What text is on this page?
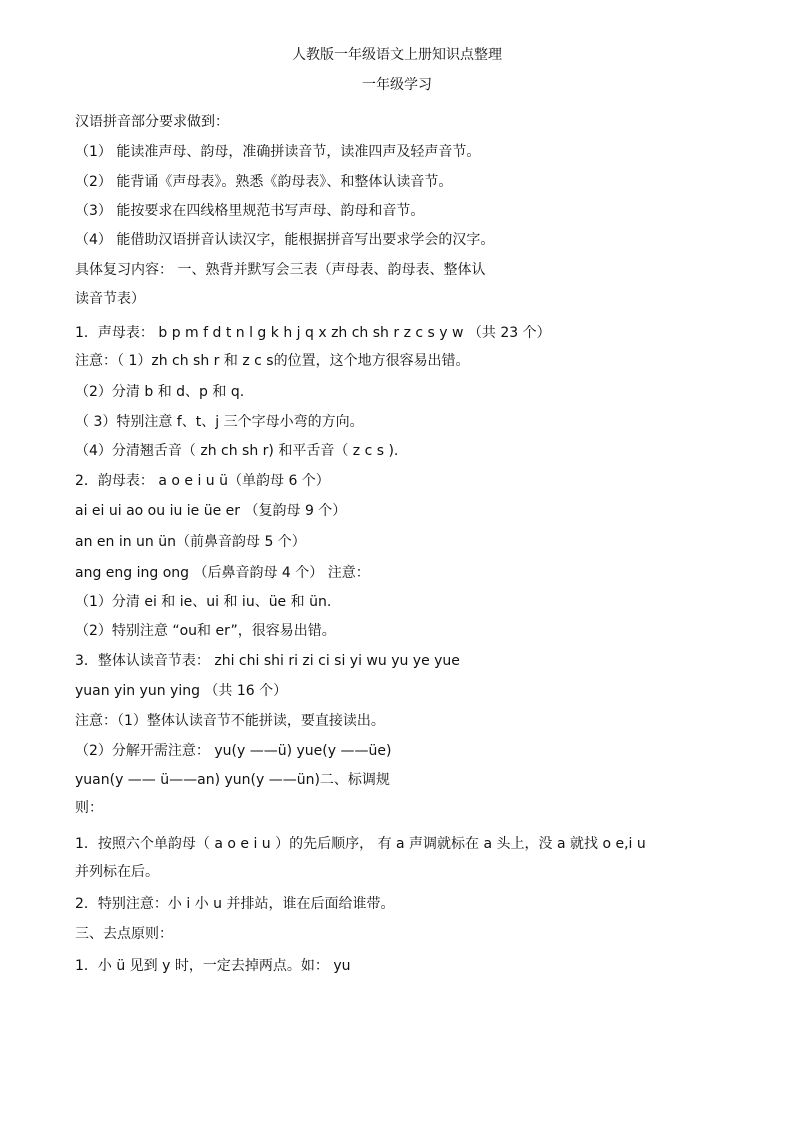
人教版一年级语文上册知识点整理
一年级学习
汉语拼音部分要求做到：
（1） 能读准声母、韵母，准确拼读音节，读准四声及轻声音节。
（2） 能背诵《声母表》。熟悉《韵母表》、和整体认读音节。
（3） 能按要求在四线格里规范书写声母、韵母和音节。
（4） 能借助汉语拼音认读汉字，能根据拼音写出要求学会的汉字。
具体复习内容： 一、熟背并默写会三表（声母表、韵母表、整体认
读音节表）
1．声母表： b p m f d t n l g k h j q x zh ch sh r z c s y w （共 23 个）
注意：（ 1）zh ch sh r 和 z c s的位置，这个地方很容易出错。
（2）分清 b 和 d、p 和 q.
（ 3）特别注意 f、t、j 三个字母小弯的方向。
（4）分清翘舌音（ zh ch sh r) 和平舌音（ z c s ).
2．韵母表： a o e i u ü（单韵母 6 个）
ai ei ui ao ou iu ie üe er （复韵母 9 个）
an en in un ün（前鼻音韵母 5 个）
ang eng ing ong （后鼻音韵母 4 个） 注意：
（1）分清 ei 和 ie、ui 和 iu、üe 和 ün.
（2）特别注意 “ou和 er”，很容易出错。
3．整体认读音节表： zhi chi shi ri zi ci si yi wu yu ye yue
yuan yin yun ying （共 16 个）
注意：（1）整体认读音节不能拼读，要直接读出。
（2）分解开需注意： yu(y ——ü) yue(y ——üe)
yuan(y —— ü——an) yun(y ——ün)二、标调规
则：
1．按照六个单韵母（ a o e i u ）的先后顺序， 有 a 声调就标在 a 头上，没 a 就找 o e,i u
并列标在后。
2．特别注意：小 i 小 u 并排站，谁在后面给谁带。
三、去点原则：
1．小 ü 见到 y 时，一定去掉两点。如： yu
